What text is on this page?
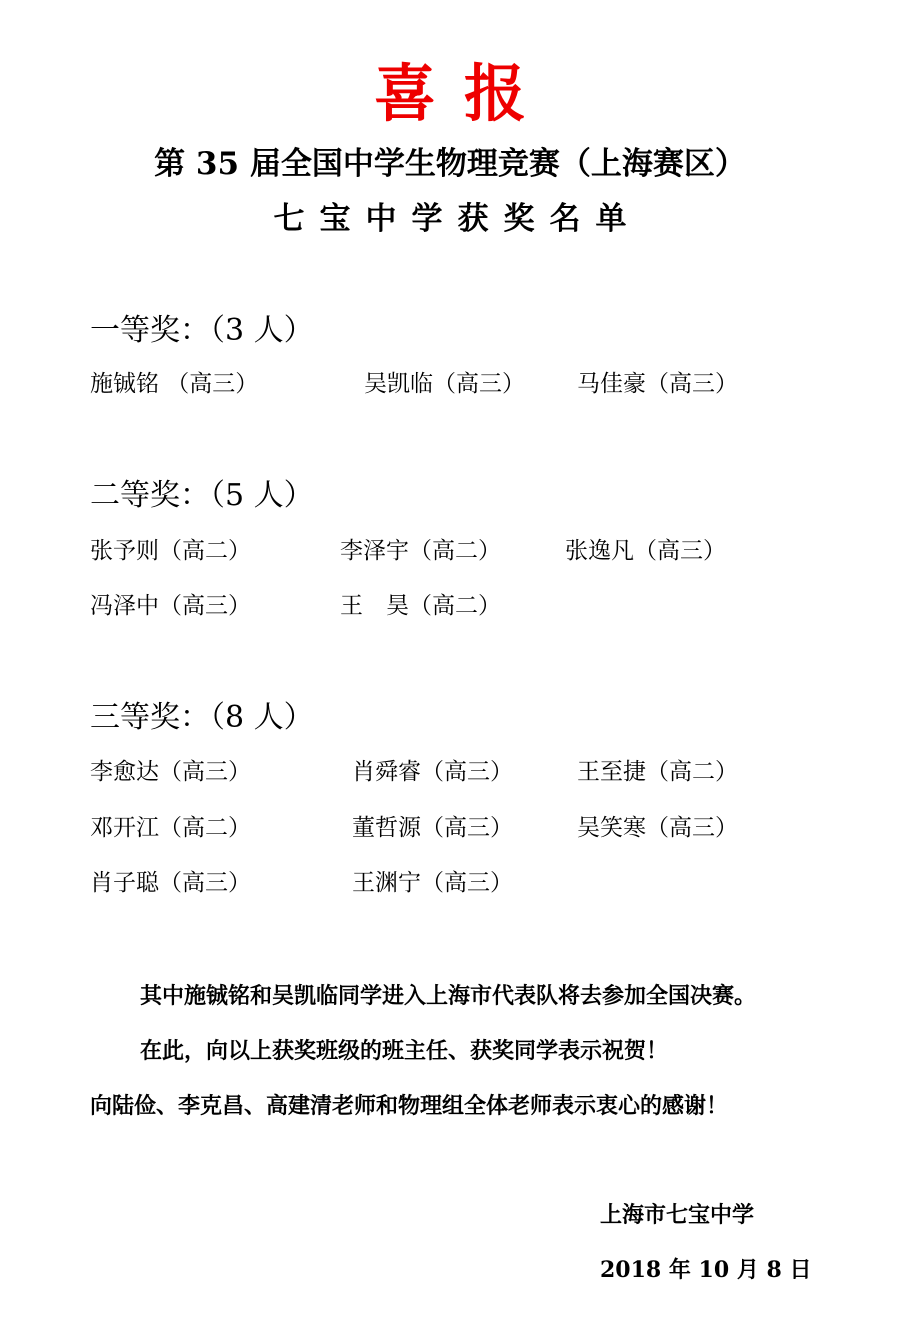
喜报
第 35 届全国中学生物理竞赛（上海赛区）
七宝中学获奖名单
一等奖：（3 人）
施铖铭 （高三）	吴凯临（高三） 马佳豪（高三）
二等奖：（5 人）
张予则（高二）	李泽宇（高二）	张逸凡（高三）
冯泽中（高三）	王　昊（高二）
三等奖：（8 人）
李愈达（高三）	肖舜睿（高三）	王至捷（高二）
邓开江（高二）	董哲源（高三）	吴笑寒（高三）
肖子聪（高三）	王渊宁（高三）
其中施铖铭和吴凯临同学进入上海市代表队将去参加全国决赛。
在此，向以上获奖班级的班主任、获奖同学表示祝贺！
向陆俭、李克昌、高建清老师和物理组全体老师表示衷心的感谢！
上海市七宝中学
2018 年 10 月 8 日
